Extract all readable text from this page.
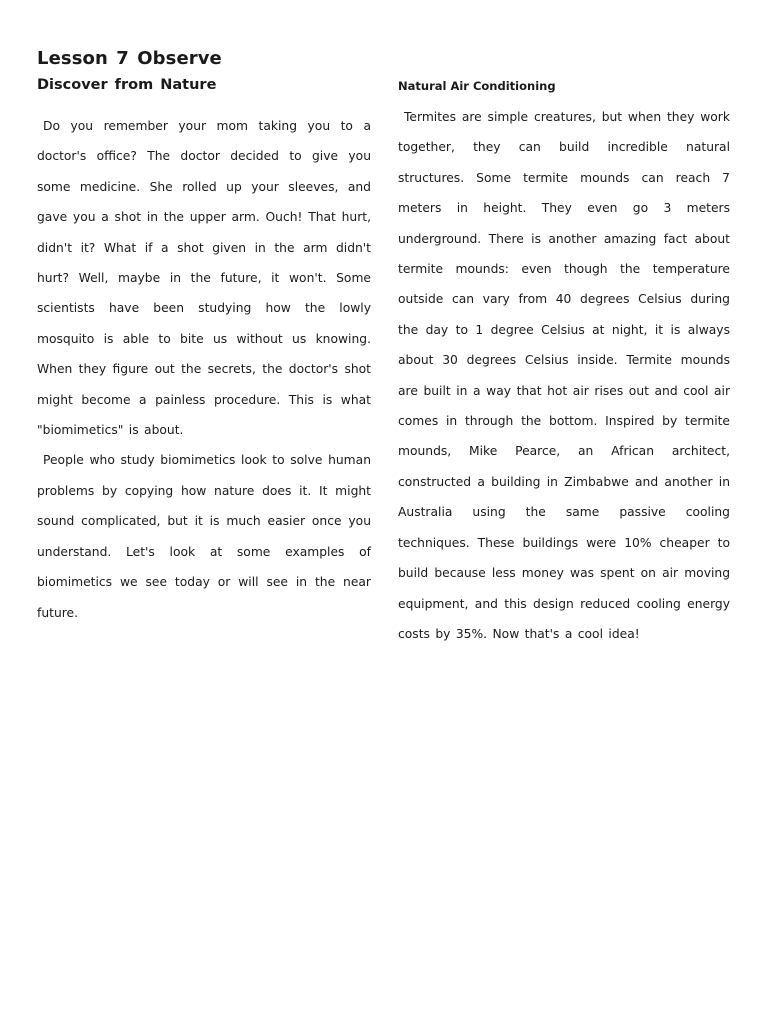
Lesson 7 Observe
Discover from Nature

Do you remember your mom taking you to a doctor's office? The doctor decided to give you some medicine. She rolled up your sleeves, and gave you a shot in the upper arm. Ouch! That hurt, didn't it? What if a shot given in the arm didn't hurt? Well, maybe in the future, it won't. Some scientists have been studying how the lowly mosquito is able to bite us without us knowing. When they figure out the secrets, the doctor's shot might become a painless procedure. This is what "biomimetics" is about.

People who study biomimetics look to solve human problems by copying how nature does it. It might sound complicated, but it is much easier once you understand. Let's look at some examples of biomimetics we see today or will see in the near future.

Natural Air Conditioning

Termites are simple creatures, but when they work together, they can build incredible natural structures. Some termite mounds can reach 7 meters in height. They even go 3 meters underground. There is another amazing fact about termite mounds: even though the temperature outside can vary from 40 degrees Celsius during the day to 1 degree Celsius at night, it is always about 30 degrees Celsius inside. Termite mounds are built in a way that hot air rises out and cool air comes in through the bottom. Inspired by termite mounds, Mike Pearce, an African architect, constructed a building in Zimbabwe and another in Australia using the same passive cooling techniques. These buildings were 10% cheaper to build because less money was spent on air moving equipment, and this design reduced cooling energy costs by 35%. Now that's a cool idea!
